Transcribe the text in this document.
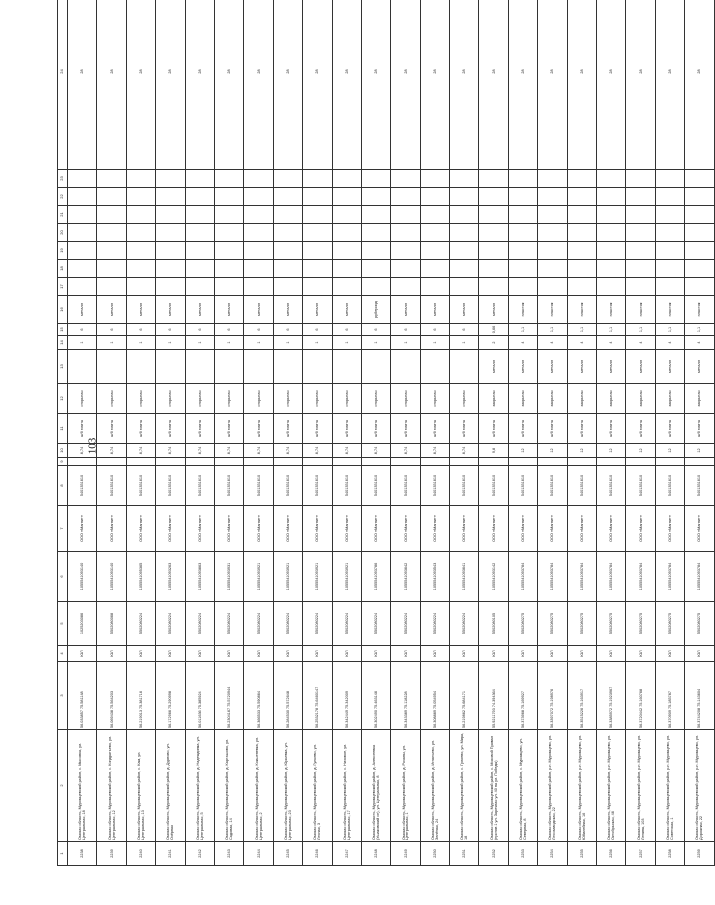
103
1	2	3	4	5	6	7	8	9	10	11	12	13	14	15	16	17	18	19	20	21	22	23	24
2238	Омская область, Муромцевский район, с. Мысовка, ул. Центральная, 18	56.033857 75.581148	ЮЛ	1025203086	1055541093140	ООО «Магнит»	5401351610		8,74	ж/б плита	открытая		1	6	металл								28
2239	Омская область, Муромцевский район, с. Кондратьево, ул. Центральная, 12	56.069438 75.564203	ЮЛ	5502080068	1055541093140	ООО «Магнит»	5401351610		8,74	ж/б плита	открытая		1	6	металл								28
2240	Омская область, Муромцевский район, с. Кам, ул. Центральная, 13	56.219013 75.381716	ЮЛ	5502080224	1055541095365	ООО «Магнит»	5401351610		8,74	ж/б плита	открытая		1	6	металл								28
2241	Омская область, Муромцевский район, д. Дурново, ул. Озёрная	56.172966 75.290998	ЮЛ	5502080224	1055541093263	ООО «Магнит»	5401351610		8,74	ж/б плита	открытая		1	6	металл								28
2242	Омская область, Муромцевский район, д. Надеждинка, ул. Центральная, 5	56.011636 75.385924	ЮЛ	5502080224	1055541093863	ООО «Магнит»	5401351610		8,74	ж/б плита	открытая		1	6	металл								28
2243	Омская область, Муромцевский район, д. Карташово, ул. Садовая, 14	56.2304167 75.5720944	ЮЛ	5502080224	1055541093931	ООО «Магнит»	5401351610		8,74	ж/б плита	открытая		1	6	металл								28
2244	Омская область, Муромцевский район, д. Кокшеневка, ул. Центральная, 2	56.366533 75.590864	ЮЛ	5502080224	1055541093921	ООО «Магнит»	5401351610		8,74	ж/б плита	открытая		1	6	металл								28
2245	Омская область, Муромцевский район, д. Юрьевка, ул. Центральная, 23	56.284530 75.572648	ЮЛ	5502080224	1055541093921	ООО «Магнит»	5401351610		8,74	ж/б плита	открытая		1	6	металл								28
2246	Омская область, Муромцевский район, д. Гуляево, ул. Лесная, 3	56.2532178 75.6460147	ЮЛ	5502080224	1055541093921	ООО «Магнит»	5401351610		8,74	ж/б плита	открытая		1	6	металл								28
2247	Омская область, Муромцевский район, с. Низовое, ул. Центральная, 17	56.342449 75.342009	ЮЛ	5502080224	1055541093921	ООО «Магнит»	5401351610		8,74	ж/б плита	открытая		1	6	металл								28
2248	Омская область, Муромцевский район, д. Алексеевка (Ушаковский сп), ул. Центральная, 8	56.302490 75.463146	ЮЛ	5502080224	1055541093786	ООО «Магнит»	5401351610		8,74	ж/б плита	открытая		1	6	рубероид								28
2249	Омская область, Муромцевский район, д. Рязаны, ул. Центральная, 1	56.343389 75.118228	ЮЛ	5502080224	1055541093642	ООО «Магнит»	5401351610		8,74	ж/б плита	открытая		1	6	металл								28
2250	Омская область, Муромцевский район, д. Игнатьево, ул. Зелёная, 24	56.308889 75.054954	ЮЛ	5502080224	1055541093543	ООО «Магнит»	5401351610		8,74	ж/б плита	открытая		1	6	металл								28
2251	Омская область, Муромцевский район, с. Гуляево, ул. Мира, 18	56.219862 75.684171	ЮЛ	5502080224	1055541093641	ООО «Магнит»	5401351610		8,74	ж/б плита	открытая		1	6	металл								28
2252	Омская область, Муромцевский район, с. Моховой Привал (против 1 ул. Заречная ул. 40 на ул. Победы)	55.9211793 74.394364	ЮЛ	5502080105	1055541093142	ООО «Магнит»	5401351610		9,8	ж/б плита	закрытая	металл	2	0,66	металл								28
2253	Омская область, Муромцевский район, с. Муромцево, ул. Северная, 8	56.373968 75.169927	ЮЛ	5502080275	1055541093784	ООО «Магнит»	5401351610		12	ж/б плита	закрытая	металл	4	1,1	пластик								28
2254	Омская область, Муромцевский район, р.п. Муромцево, ул. Лесозаводская, 22	56.3397072 75.198976	ЮЛ	5502080275	1055541093784	ООО «Магнит»	5401351610		12	ж/б плита	закрытая	металл	4	1,1	пластик								28
2255	Омская область, Муромцевский район, р.п. Муромцево, ул. Юбилейная, 16	56.3515226 75.163917	ЮЛ	5502080275	1055541093784	ООО «Магнит»	5401351610		12	ж/б плита	закрытая	металл	4	1,1	пластик								28
2256	Омская область, Муромцевский район, р.п. Муромцево, ул. Октябрьская, 46	56.3385972 75.1923967	ЮЛ	5502080275	1055541093784	ООО «Магнит»	5401351610		12	ж/б плита	закрытая	металл	4	1,1	пластик								28
2257	Омская область, Муромцевский район, р.п. Муромцево, ул. Ленина, 103	56.3720442 75.160768	ЮЛ	5502080275	1055541093784	ООО «Магнит»	5401351610		12	ж/б плита	закрытая	металл	4	1,1	пластик								28
2258	Омская область, Муромцевский район, р.п. Муромцево, ул. Советская, 1	56.370909 75.185787	ЮЛ	5502080275	1055541093784	ООО «Магнит»	5401351610		12	ж/б плита	закрытая	металл	4	1,1	пластик								28
2259	Омская область, Муромцевский район, р.п. Муромцево, ул. Дорожная, 22	56.3744208 75.143604	ЮЛ	5502080275	1055541093784	ООО «Магнит»	5401351610		12	ж/б плита	закрытая	металл	4	1,1	пластик								28
